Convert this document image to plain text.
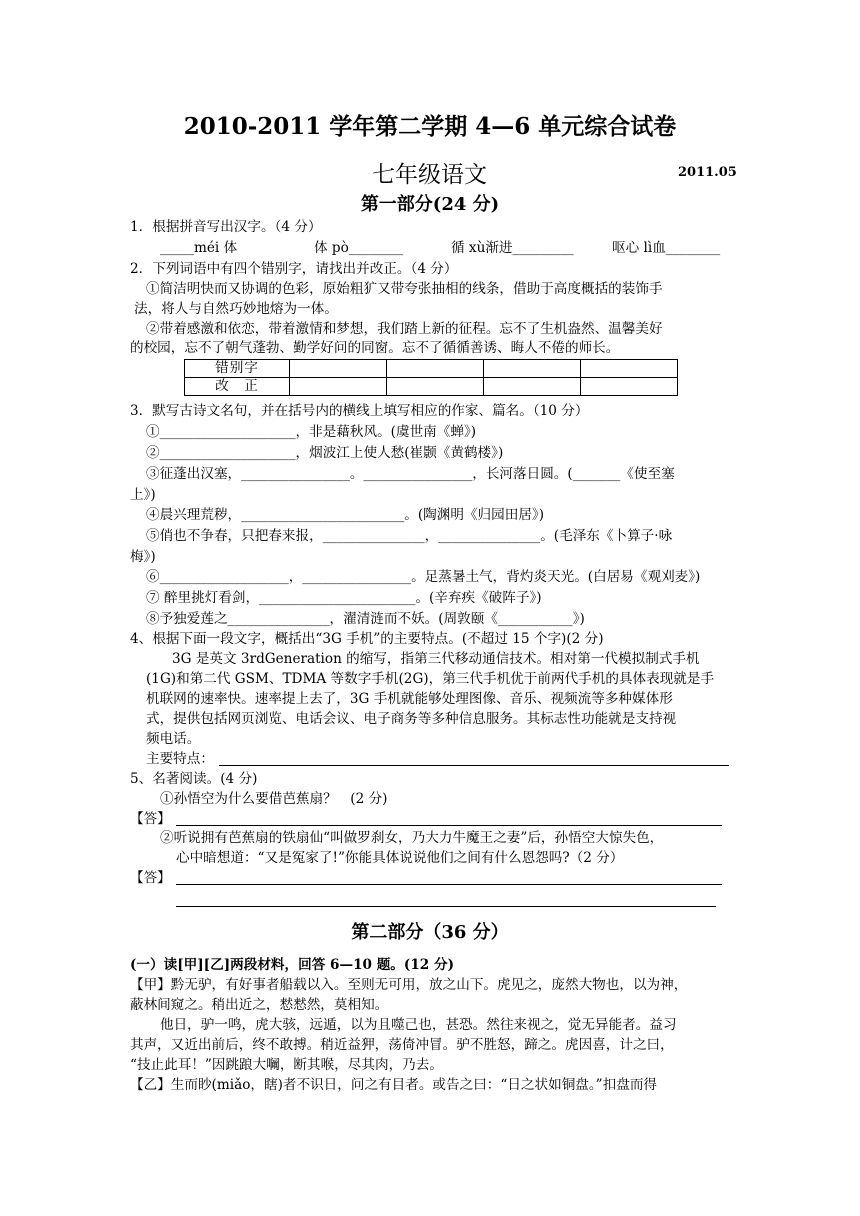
2010-2011 学年第二学期 4—6 单元综合试卷
七年级语文	2011.05
第一部分(24 分)
1．根据拼音写出汉字。（4 分）
_____méi 体	体 pò________	循 xù渐进_________	呕心 lì血________
2．下列词语中有四个错别字，请找出并改正。（4 分）
①简洁明快而又协调的色彩，原始粗犷又带夸张抽相的线条，借助于高度概括的装饰手
法，将人与自然巧妙地熔为一体。
②带着感激和依恋，带着激情和梦想，我们踏上新的征程。忘不了生机盎然、温馨美好
的校园，忘不了朝气蓬勃、勤学好问的同窗。忘不了循循善诱、晦人不倦的师长。
错别字				
改　正				
3．默写古诗文名句，并在括号内的横线上填写相应的作家、篇名。（10 分）
①____________________，非是藉秋风。(虞世南《蝉》)
②____________________，烟波江上使人愁(崔颢《黄鹤楼》)
③征蓬出汉塞，________________。________________，长河落日圆。(_______《使至塞
上》)
④晨兴理荒秽，________________________。(陶渊明《归园田居》)
⑤俏也不争春，只把春来报，_______________，_______________。(毛泽东《卜算子·咏
梅》)
⑥___________________，________________。足蒸暑土气，背灼炎天光。(白居易《观刈麦》)
⑦ 醉里挑灯看剑，_______________________。(辛弃疾《破阵子》)
⑧予独爱莲之_______________，濯清涟而不妖。(周敦颐《___________》)
4、根据下面一段文字，概括出“3G 手机”的主要特点。(不超过 15 个字)(2 分)
3G 是英文 3rdGeneration 的缩写，指第三代移动通信技术。相对第一代模拟制式手机
(1G)和第二代 GSM、TDMA 等数字手机(2G)，第三代手机优于前两代手机的具体表现就是手
机联网的速率快。速率提上去了，3G 手机就能够处理图像、音乐、视频流等多种媒体形
式，提供包括网页浏览、电话会议、电子商务等多种信息服务。其标志性功能就是支持视
频电话。
主要特点：
5、名著阅读。(4 分)
①孙悟空为什么要借芭蕉扇？　(2 分)
【答】
②听说拥有芭蕉扇的铁扇仙“叫做罗刹女，乃大力牛魔王之妻”后，孙悟空大惊失色，
心中暗想道：“又是冤家了!”你能具体说说他们之间有什么恩怨吗?（2 分）
【答】
第二部分（36 分）
(一）读[甲][乙]两段材料，回答 6—10 题。(12 分)
【甲】黔无驴，有好事者船载以入。至则无可用，放之山下。虎见之，庞然大物也，以为神，
蔽林间窥之。稍出近之，慭慭然，莫相知。
他日，驴一鸣，虎大骇，远遁，以为且噬己也，甚恐。然往来视之，觉无异能者。益习
其声，又近出前后，终不敢搏。稍近益狎，荡倚冲冒。驴不胜怒，蹄之。虎因喜，计之曰，
“技止此耳！”因跳踉大㘎，断其喉，尽其肉，乃去。
【乙】生而眇(miǎo，瞎)者不识日，问之有目者。或告之曰：“日之状如铜盘。”扣盘而得
